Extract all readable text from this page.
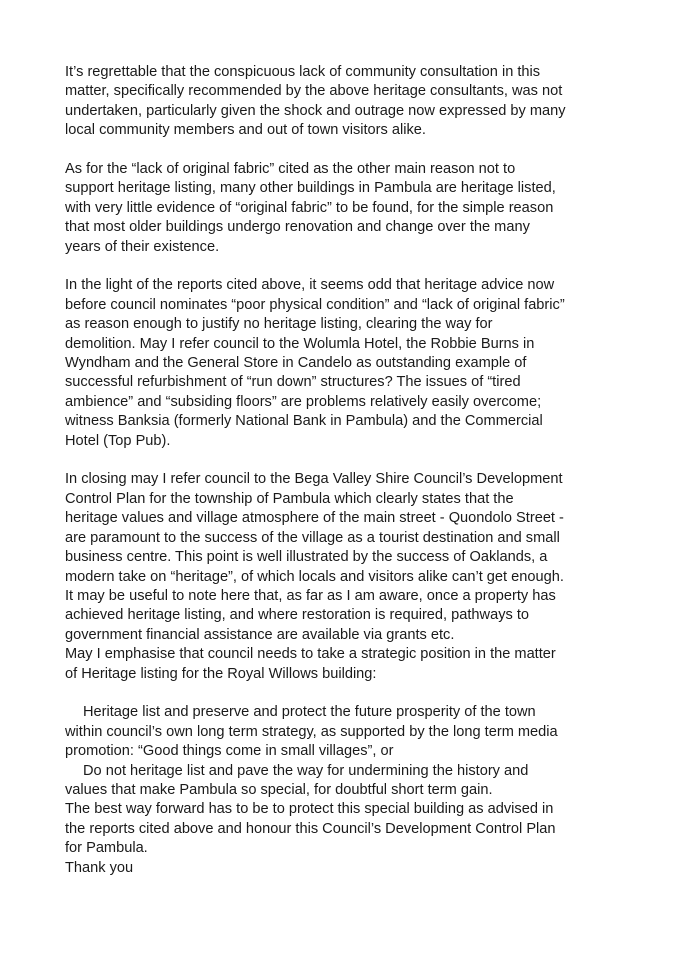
It’s regrettable that the conspicuous lack of community consultation in this
matter, specifically recommended by the above heritage consultants, was not
undertaken, particularly given the shock and outrage now expressed by many
local community members and out of town visitors alike.

As for the “lack of original fabric” cited as the other main reason not to
support heritage listing, many other buildings in Pambula are heritage listed,
with very little evidence of “original fabric” to be found, for the simple reason
that most older buildings undergo renovation and change over the many
years of their existence.

In the light of the reports cited above, it seems odd that heritage advice now
before council nominates “poor physical condition” and “lack of original fabric”
as reason enough to justify no heritage listing, clearing the way for
demolition. May I refer council to the Wolumla Hotel, the Robbie Burns in
Wyndham and the General Store in Candelo as outstanding example of
successful refurbishment of “run down” structures? The issues of “tired
ambience” and “subsiding floors” are problems relatively easily overcome;
witness Banksia (formerly National Bank in Pambula) and the Commercial
Hotel (Top Pub).

In closing may I refer council to the Bega Valley Shire Council’s Development
Control Plan for the township of Pambula which clearly states that the
heritage values and village atmosphere of the main street - Quondolo Street -
are paramount to the success of the village as a tourist destination and small
business centre. This point is well illustrated by the success of Oaklands, a
modern take on “heritage”, of which locals and visitors alike can’t get enough.
It may be useful to note here that, as far as I am aware, once a property has
achieved heritage listing, and where restoration is required, pathways to
government financial assistance are available via grants etc.

May I emphasise that council needs to take a strategic position in the matter
of Heritage listing for the Royal Willows building:

Heritage list and preserve and protect the future prosperity of the town
within council’s own long term strategy, as supported by the long term media
promotion: “Good things come in small villages”, or

Do not heritage list and pave the way for undermining the history and
values that make Pambula so special, for doubtful short term gain.

The best way forward has to be to protect this special building as advised in
the reports cited above and honour this Council’s Development Control Plan
for Pambula.

Thank you
